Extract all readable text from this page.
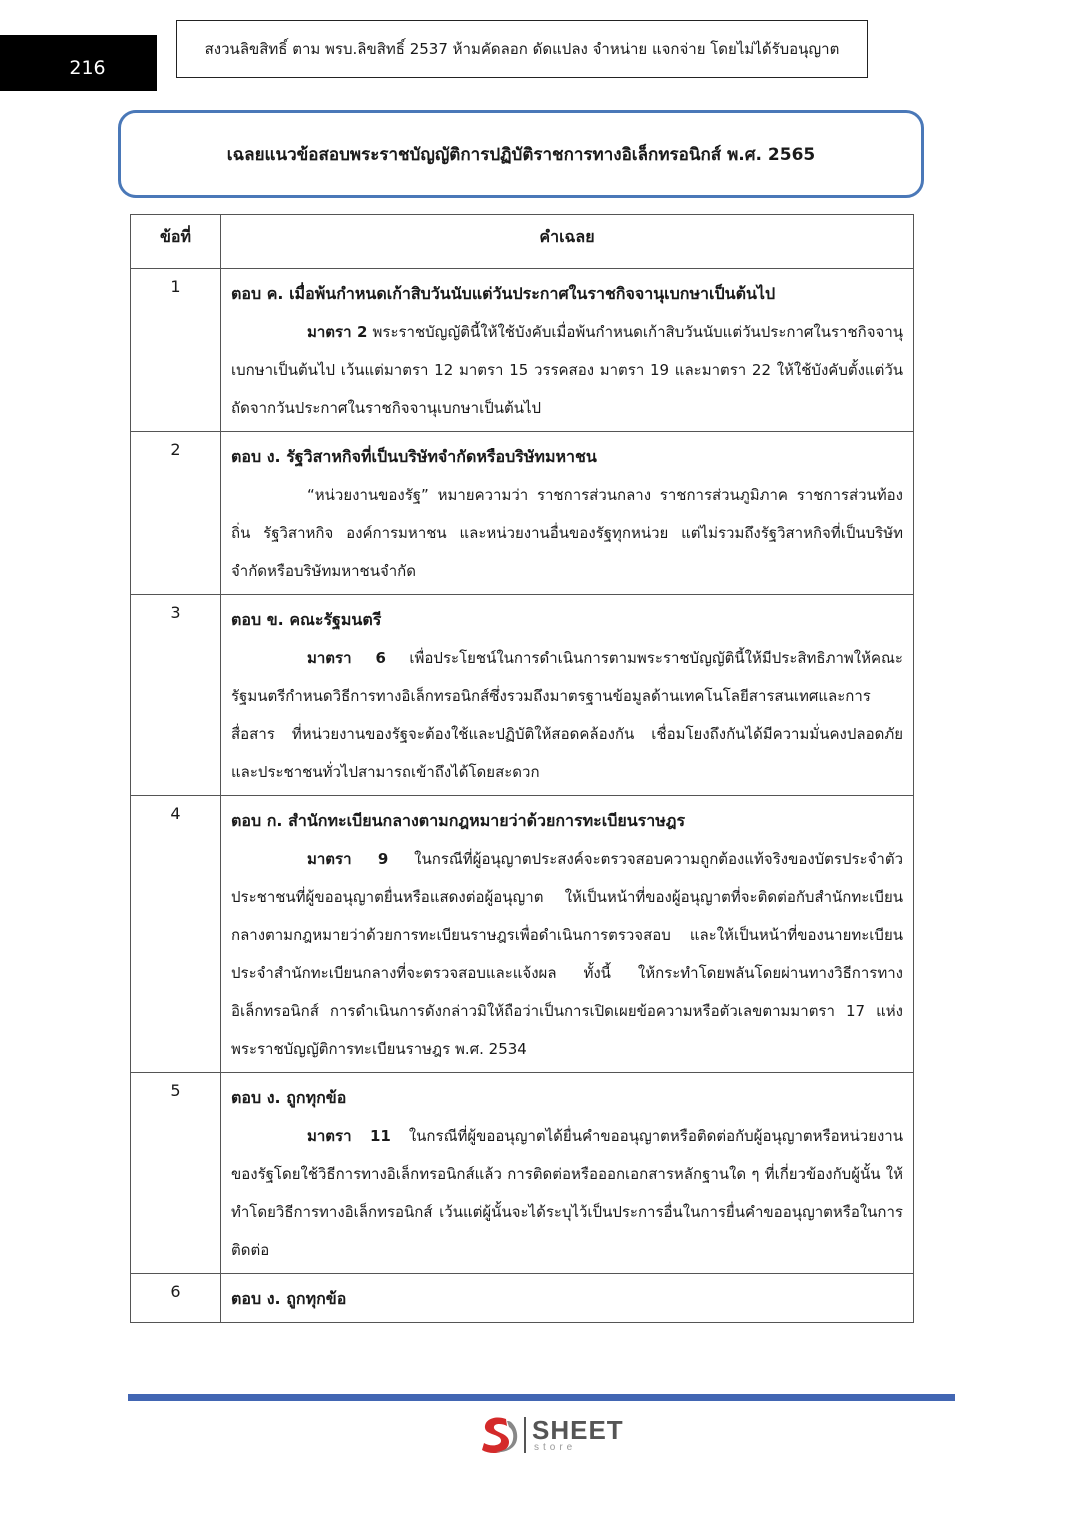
216
สงวนลิขสิทธิ์ ตาม พรบ.ลิขสิทธิ์ 2537 ห้ามคัดลอก ดัดแปลง จำหน่าย แจกจ่าย โดยไม่ได้รับอนุญาต
เฉลยแนวข้อสอบพระราชบัญญัติการปฏิบัติราชการทางอิเล็กทรอนิกส์ พ.ศ. 2565
ข้อที่	คำเฉลย
1	ตอบ ค. เมื่อพ้นกำหนดเก้าสิบวันนับแต่วันประกาศในราชกิจจานุเบกษาเป็นต้นไป
มาตรา 2 พระราชบัญญัตินี้ให้ใช้บังคับเมื่อพ้นกำหนดเก้าสิบวันนับแต่วันประกาศในราชกิจจานุเบกษาเป็นต้นไป เว้นแต่มาตรา 12 มาตรา 15 วรรคสอง มาตรา 19 และมาตรา 22 ให้ใช้บังคับตั้งแต่วันถัดจากวันประกาศในราชกิจจานุเบกษาเป็นต้นไป

2	ตอบ ง. รัฐวิสาหกิจที่เป็นบริษัทจำกัดหรือบริษัทมหาชน
“หน่วยงานของรัฐ” หมายความว่า ราชการส่วนกลาง ราชการส่วนภูมิภาค ราชการส่วนท้องถิ่น รัฐวิสาหกิจ องค์การมหาชน และหน่วยงานอื่นของรัฐทุกหน่วย แต่ไม่รวมถึงรัฐวิสาหกิจที่เป็นบริษัทจำกัดหรือบริษัทมหาชนจำกัด

3	ตอบ ข. คณะรัฐมนตรี
มาตรา 6 เพื่อประโยชน์ในการดำเนินการตามพระราชบัญญัตินี้ให้มีประสิทธิภาพให้คณะรัฐมนตรีกำหนดวิธีการทางอิเล็กทรอนิกส์ซึ่งรวมถึงมาตรฐานข้อมูลด้านเทคโนโลยีสารสนเทศและการสื่อสาร ที่หน่วยงานของรัฐจะต้องใช้และปฏิบัติให้สอดคล้องกัน เชื่อมโยงถึงกันได้มีความมั่นคงปลอดภัย และประชาชนทั่วไปสามารถเข้าถึงได้โดยสะดวก

4	ตอบ ก. สำนักทะเบียนกลางตามกฎหมายว่าด้วยการทะเบียนราษฎร
มาตรา 9 ในกรณีที่ผู้อนุญาตประสงค์จะตรวจสอบความถูกต้องแท้จริงของบัตรประจำตัวประชาชนที่ผู้ขออนุญาตยื่นหรือแสดงต่อผู้อนุญาต ให้เป็นหน้าที่ของผู้อนุญาตที่จะติดต่อกับสำนักทะเบียนกลางตามกฎหมายว่าด้วยการทะเบียนราษฎรเพื่อดำเนินการตรวจสอบ และให้เป็นหน้าที่ของนายทะเบียนประจำสำนักทะเบียนกลางที่จะตรวจสอบและแจ้งผล ทั้งนี้ ให้กระทำโดยพลันโดยผ่านทางวิธีการทางอิเล็กทรอนิกส์ การดำเนินการดังกล่าวมิให้ถือว่าเป็นการเปิดเผยข้อความหรือตัวเลขตามมาตรา 17 แห่งพระราชบัญญัติการทะเบียนราษฎร พ.ศ. 2534

5	ตอบ ง. ถูกทุกข้อ
มาตรา 11 ในกรณีที่ผู้ขออนุญาตได้ยื่นคำขออนุญาตหรือติดต่อกับผู้อนุญาตหรือหน่วยงานของรัฐโดยใช้วิธีการทางอิเล็กทรอนิกส์แล้ว การติดต่อหรือออกเอกสารหลักฐานใด ๆ ที่เกี่ยวข้องกับผู้นั้น ให้ทำโดยวิธีการทางอิเล็กทรอนิกส์ เว้นแต่ผู้นั้นจะได้ระบุไว้เป็นประการอื่นในการยื่นคำขออนุญาตหรือในการติดต่อ

6	ตอบ ง. ถูกทุกข้อ
SHEET
store
